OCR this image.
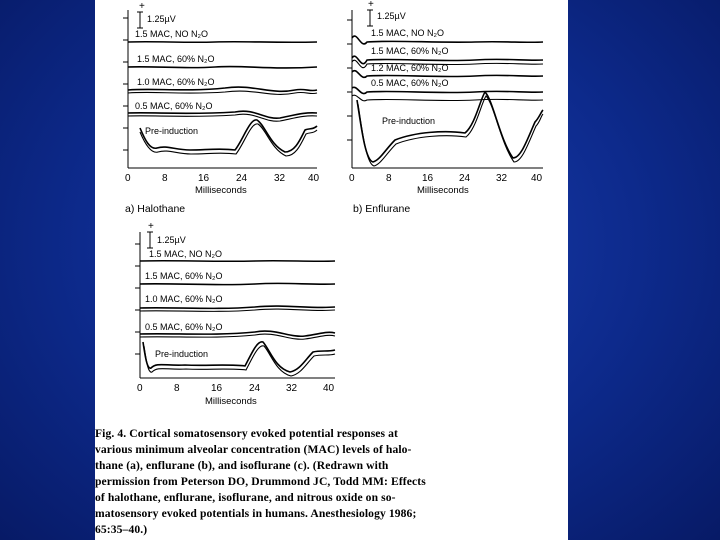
+
1.25µV
1.5 MAC, NO N₂O
1.5 MAC, 60% N₂O
1.0 MAC, 60% N₂O
0.5 MAC, 60% N₂O
Pre-induction
0	8	16	24	32 40
Milliseconds
a) Halothane
+
1.25µV
1.5 MAC, NO N₂O
1.5 MAC, 60% N₂O
1.2 MAC, 60% N₂O
0.5 MAC, 60% N₂O
Pre-induction
0	8	16	24	32 40
Milliseconds
b) Enflurane
+
1.25µV
1.5 MAC, NO N₂O
1.5 MAC, 60% N₂O
1.0 MAC, 60% N₂O
0.5 MAC, 60% N₂O
Pre-induction
0	8	16	24	32	40
Milliseconds
Fig. 4. Cortical somatosensory evoked potential responses at
various minimum alveolar concentration (MAC) levels of halo-
thane (a), enflurane (b), and isoflurane (c). (Redrawn with
permission from Peterson DO, Drummond JC, Todd MM: Effects
of halothane, enflurane, isoflurane, and nitrous oxide on so-
matosensory evoked potentials in humans. Anesthesiology 1986;
65:35–40.)
